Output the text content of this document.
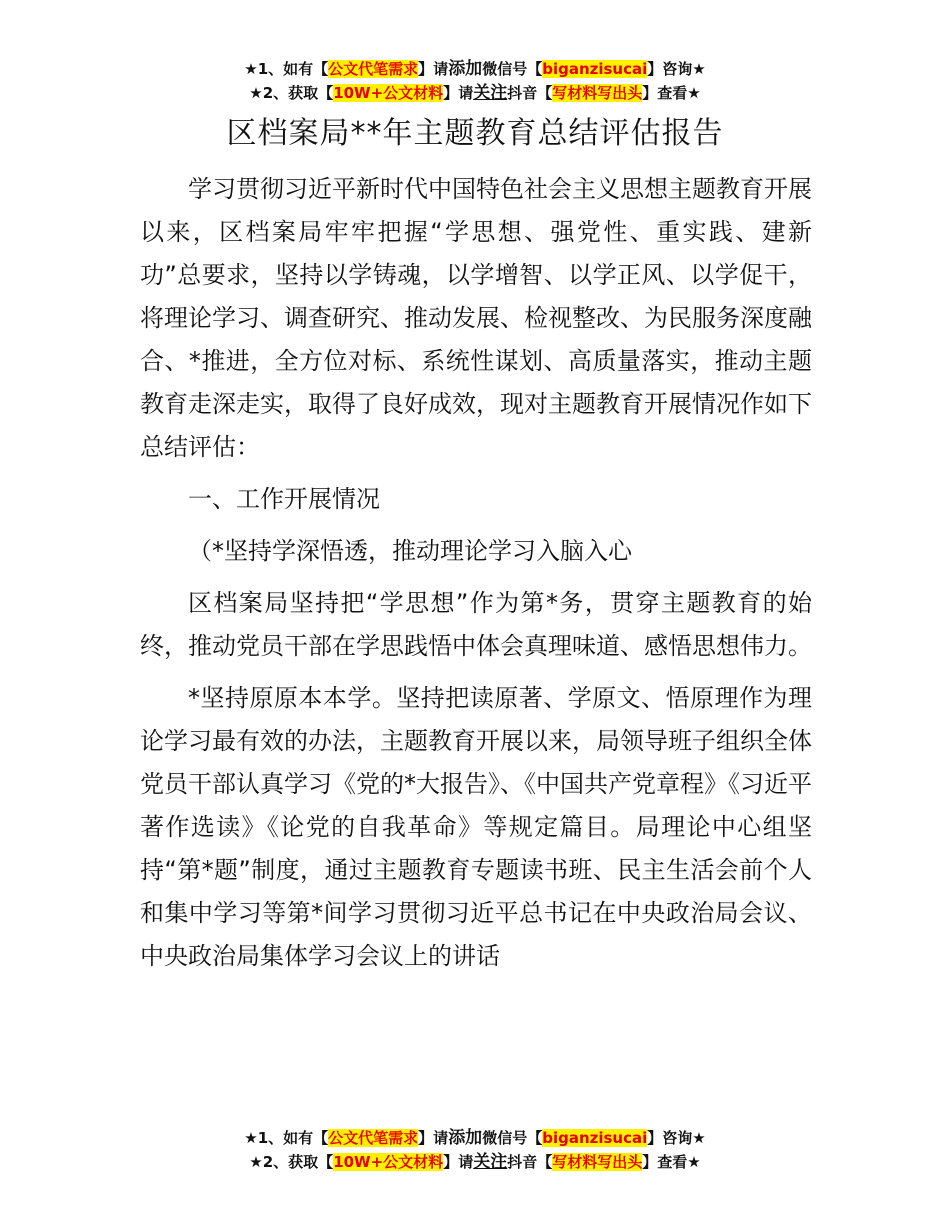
★1、如有【公文代笔需求】请添加微信号【biganzisucai】咨询★
★2、获取【10W+公文材料】请关注抖音【写材料写出头】查看★
区档案局**年主题教育总结评估报告

学习贯彻习近平新时代中国特色社会主义思想主题教育开展以来，区档案局牢牢把握“学思想、强党性、重实践、建新功”总要求，坚持以学铸魂，以学增智、以学正风、以学促干，将理论学习、调查研究、推动发展、检视整改、为民服务深度融合、*推进，全方位对标、系统性谋划、高质量落实，推动主题教育走深走实，取得了良好成效，现对主题教育开展情况作如下总结评估：

一、工作开展情况

（*坚持学深悟透，推动理论学习入脑入心

区档案局坚持把“学思想”作为第*务，贯穿主题教育的始终，推动党员干部在学思践悟中体会真理味道、感悟思想伟力。

*坚持原原本本学。坚持把读原著、学原文、悟原理作为理论学习最有效的办法，主题教育开展以来，局领导班子组织全体党员干部认真学习《党的*大报告》、《中国共产党章程》《习近平著作选读》《论党的自我革命》等规定篇目。局理论中心组坚持“第*题”制度，通过主题教育专题读书班、民主生活会前个人和集中学习等第*间学习贯彻习近平总书记在中央政治局会议、中央政治局集体学习会议上的讲话

★1、如有【公文代笔需求】请添加微信号【biganzisucai】咨询★
★2、获取【10W+公文材料】请关注抖音【写材料写出头】查看★
